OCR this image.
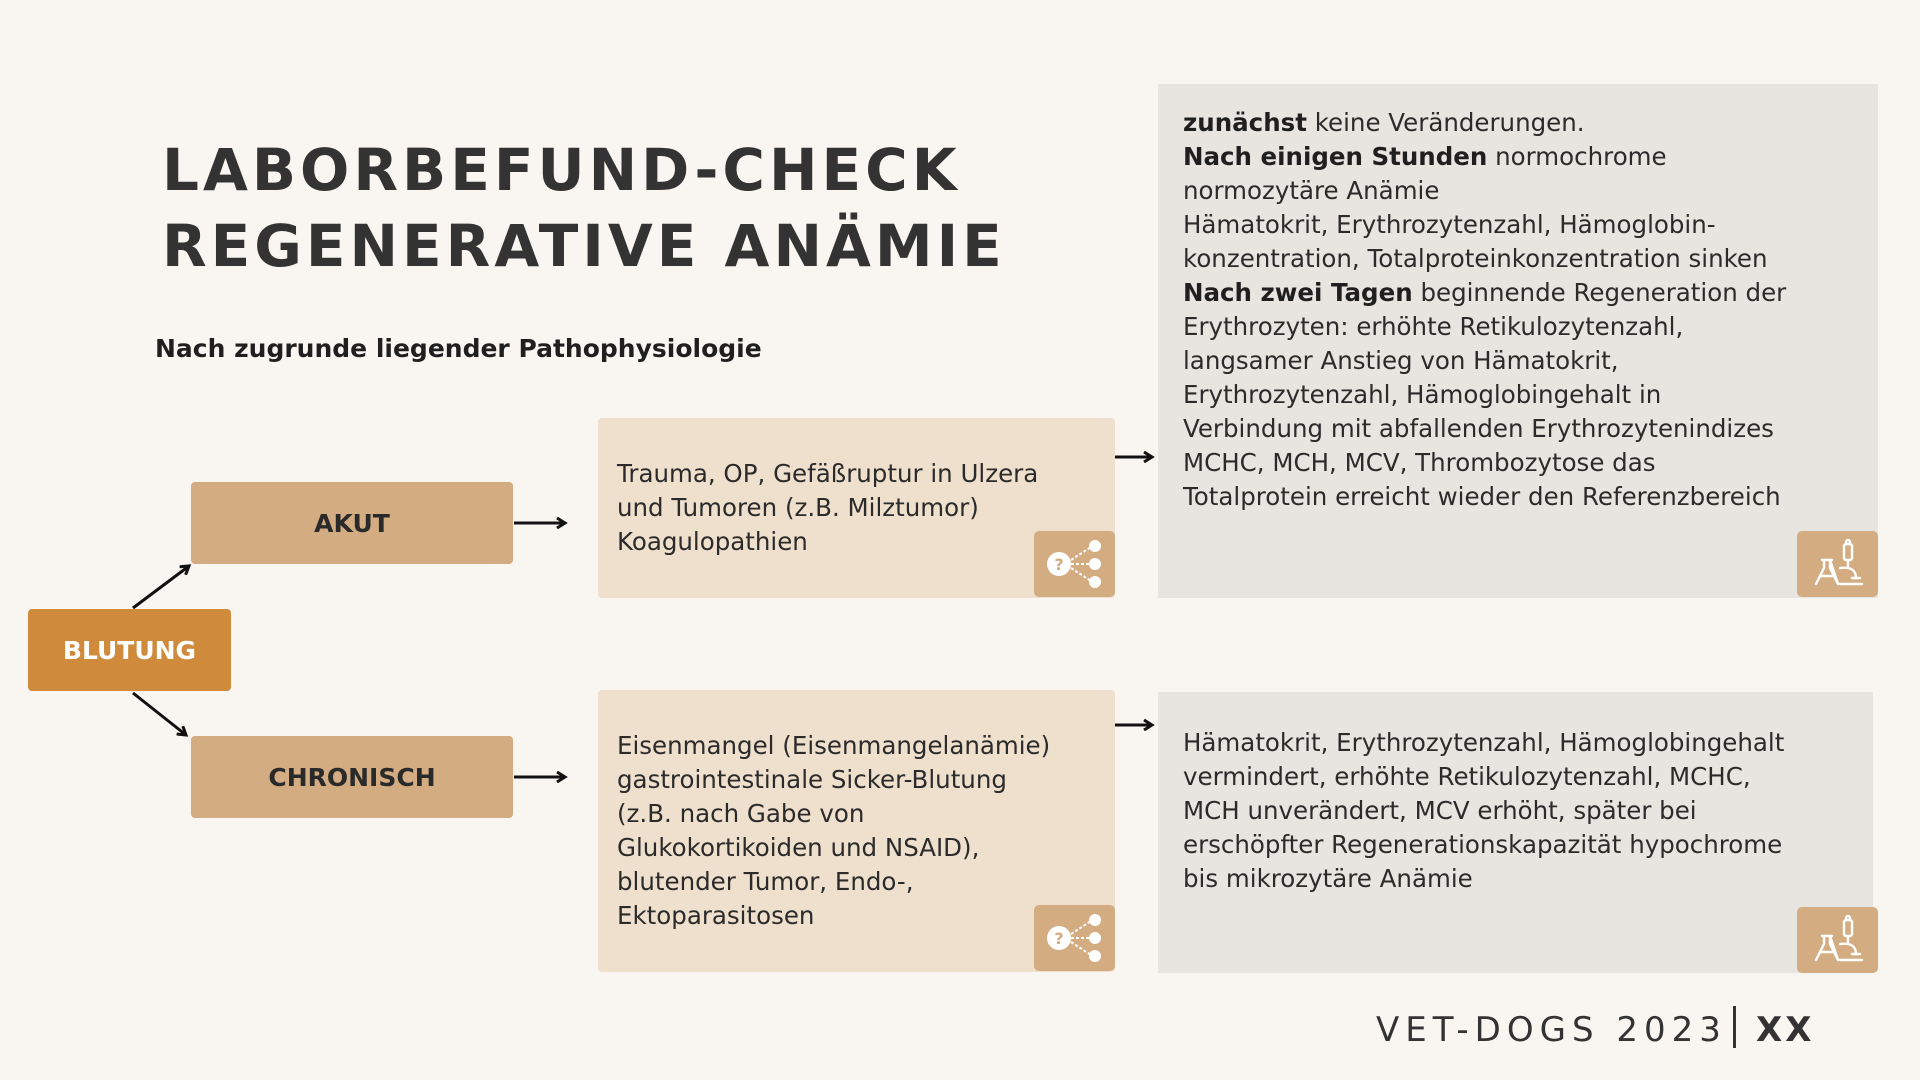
LABORBEFUND-CHECK
REGENERATIVE ANÄMIE
Nach zugrunde liegender Pathophysiologie
BLUTUNG
AKUT
CHRONISCH
Trauma, OP, Gefäßruptur in Ulzera
und Tumoren (z.B. Milztumor)
Koagulopathien
Eisenmangel (Eisenmangelanämie)
gastrointestinale Sicker-Blutung
(z.B. nach Gabe von
Glukokortikoiden und NSAID),
blutender Tumor, Endo-,
Ektoparasitosen
zunächst keine Veränderungen.
Nach einigen Stunden normochrome
normozytäre Anämie
Hämatokrit, Erythrozytenzahl, Hämoglobin-
konzentration, Totalproteinkonzentration sinken
Nach zwei Tagen beginnende Regeneration der
Erythrozyten: erhöhte Retikulozytenzahl,
langsamer Anstieg von Hämatokrit,
Erythrozytenzahl, Hämoglobingehalt in
Verbindung mit abfallenden Erythrozytenindizes
MCHC, MCH, MCV, Thrombozytose das
Totalprotein erreicht wieder den Referenzbereich
Hämatokrit, Erythrozytenzahl, Hämoglobingehalt
vermindert, erhöhte Retikulozytenzahl, MCHC,
MCH unverändert, MCV erhöht, später bei
erschöpfter Regenerationskapazität hypochrome
bis mikrozytäre Anämie
?
?
VET-DOGS 2023 XX
